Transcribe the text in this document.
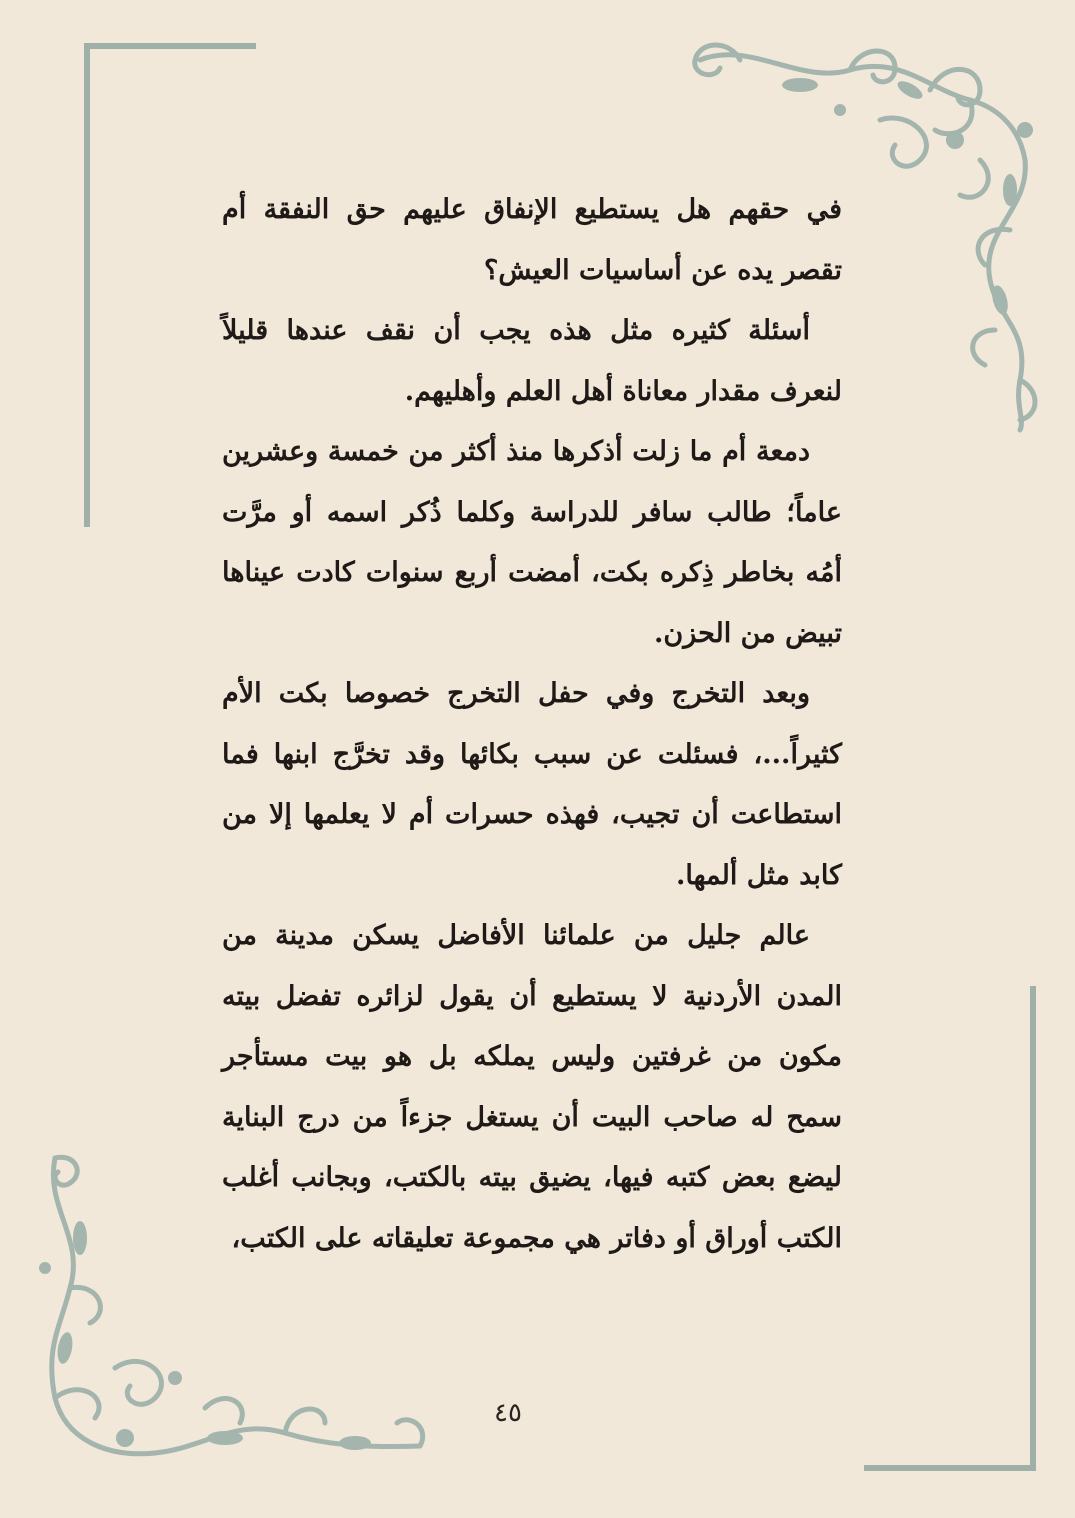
في حقهم هل يستطيع الإنفاق عليهم حق النفقة أم تقصر يده عن أساسيات العيش؟

أسئلة كثيره مثل هذه يجب أن نقف عندها قليلاً لنعرف مقدار معاناة أهل العلم وأهليهم.

دمعة أم ما زلت أذكرها منذ أكثر من خمسة وعشرين عاماً؛ طالب سافر للدراسة وكلما ذُكر اسمه أو مرَّت أمُه بخاطر ذِكره بكت، أمضت أربع سنوات كادت عيناها تبيض من الحزن.

وبعد التخرج وفي حفل التخرج خصوصا بكت الأم كثيراً...، فسئلت عن سبب بكائها وقد تخرَّج ابنها فما استطاعت أن تجيب، فهذه حسرات أم لا يعلمها إلا من كابد مثل ألمها.

عالم جليل من علمائنا الأفاضل يسكن مدينة من المدن الأردنية لا يستطيع أن يقول لزائره تفضل بيته مكون من غرفتين وليس يملكه بل هو بيت مستأجر سمح له صاحب البيت أن يستغل جزءاً من درج البناية ليضع بعض كتبه فيها، يضيق بيته بالكتب، وبجانب أغلب الكتب أوراق أو دفاتر هي مجموعة تعليقاته على الكتب،

٤٥
